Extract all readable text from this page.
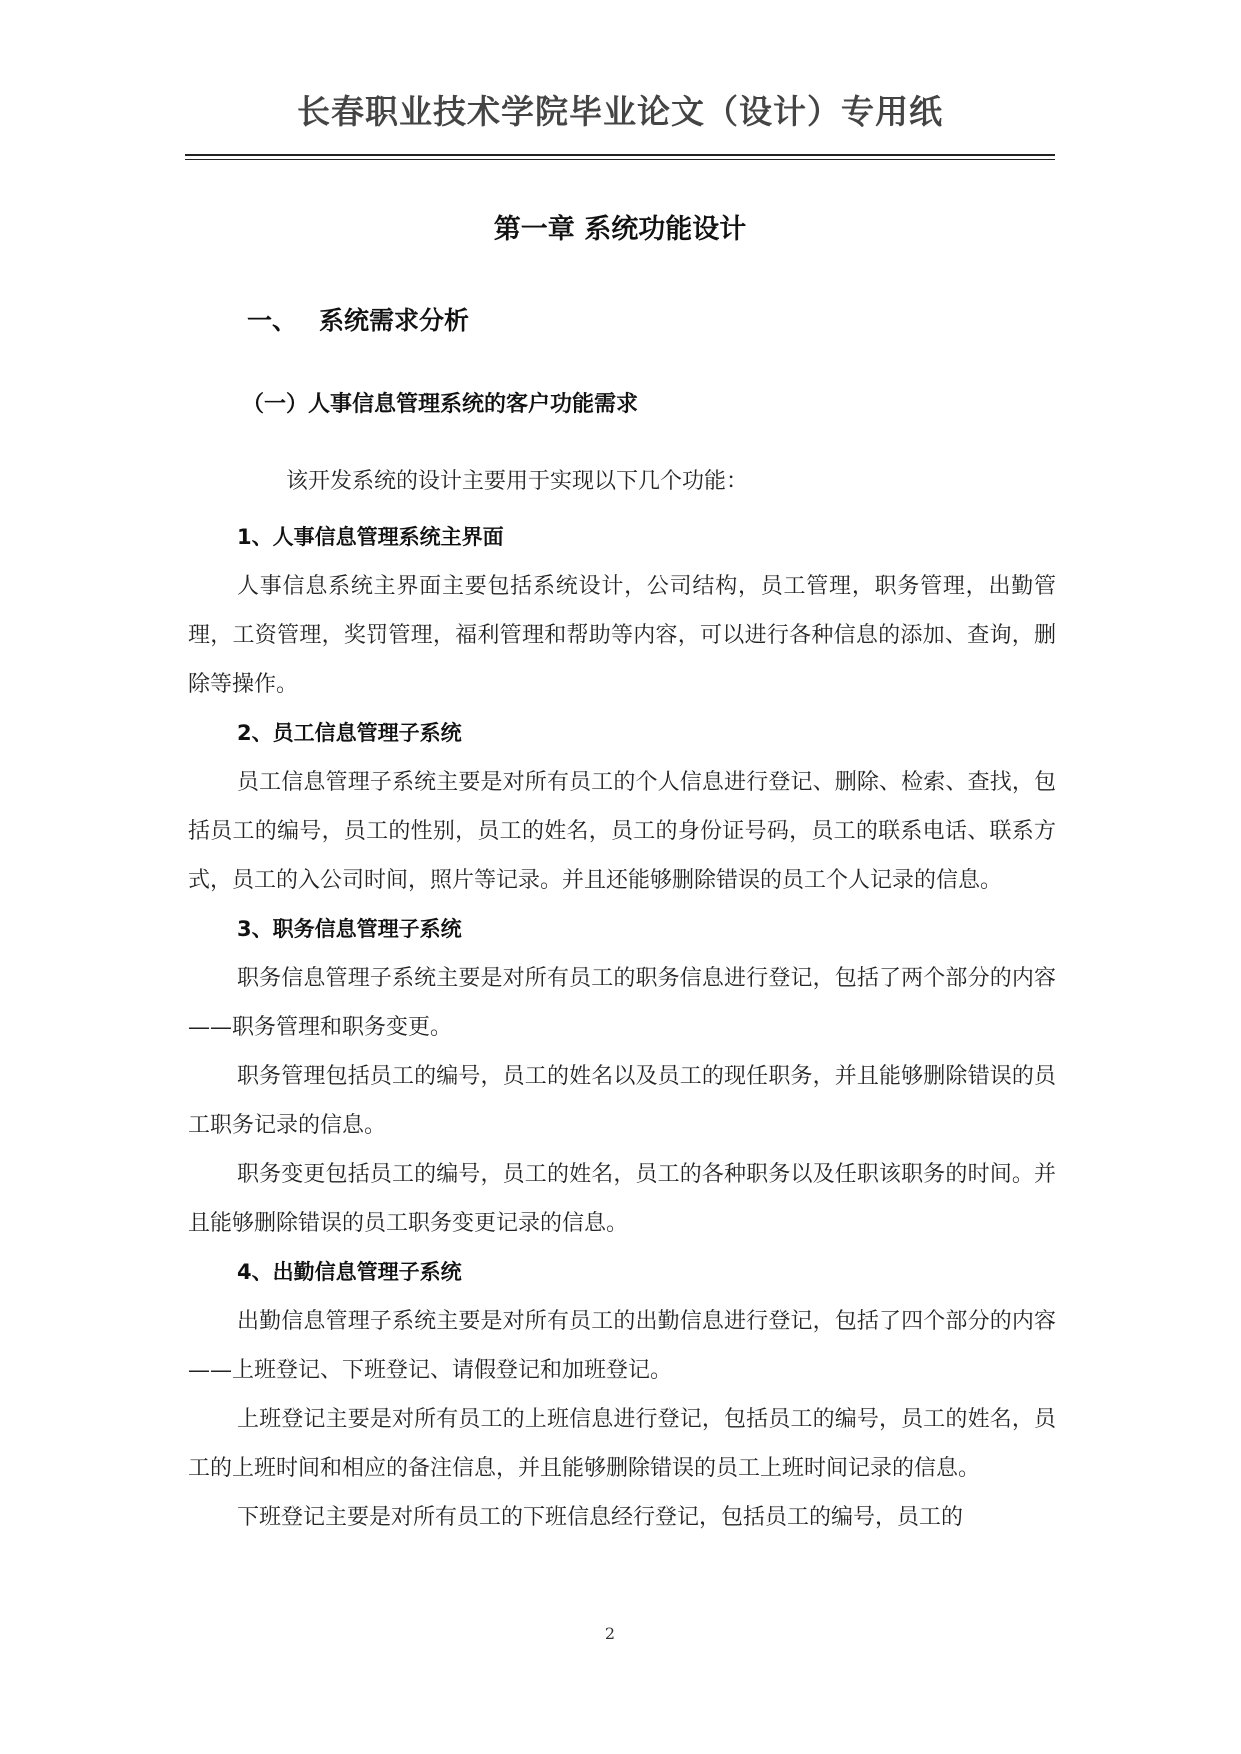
长春职业技术学院毕业论文（设计）专用纸
第一章 系统功能设计
一、 系统需求分析
（一）人事信息管理系统的客户功能需求
该开发系统的设计主要用于实现以下几个功能：
1、人事信息管理系统主界面

人事信息系统主界面主要包括系统设计，公司结构，员工管理，职务管理，出勤管理，工资管理，奖罚管理，福利管理和帮助等内容，可以进行各种信息的添加、查询，删除等操作。

2、员工信息管理子系统

员工信息管理子系统主要是对所有员工的个人信息进行登记、删除、检索、查找，包括员工的编号，员工的性别，员工的姓名，员工的身份证号码，员工的联系电话、联系方式，员工的入公司时间，照片等记录。并且还能够删除错误的员工个人记录的信息。

3、职务信息管理子系统

职务信息管理子系统主要是对所有员工的职务信息进行登记，包括了两个部分的内容——职务管理和职务变更。

职务管理包括员工的编号，员工的姓名以及员工的现任职务，并且能够删除错误的员工职务记录的信息。

职务变更包括员工的编号，员工的姓名，员工的各种职务以及任职该职务的时间。并且能够删除错误的员工职务变更记录的信息。

4、出勤信息管理子系统

出勤信息管理子系统主要是对所有员工的出勤信息进行登记，包括了四个部分的内容——上班登记、下班登记、请假登记和加班登记。

上班登记主要是对所有员工的上班信息进行登记，包括员工的编号，员工的姓名，员工的上班时间和相应的备注信息，并且能够删除错误的员工上班时间记录的信息。

下班登记主要是对所有员工的下班信息经行登记，包括员工的编号，员工的

2
